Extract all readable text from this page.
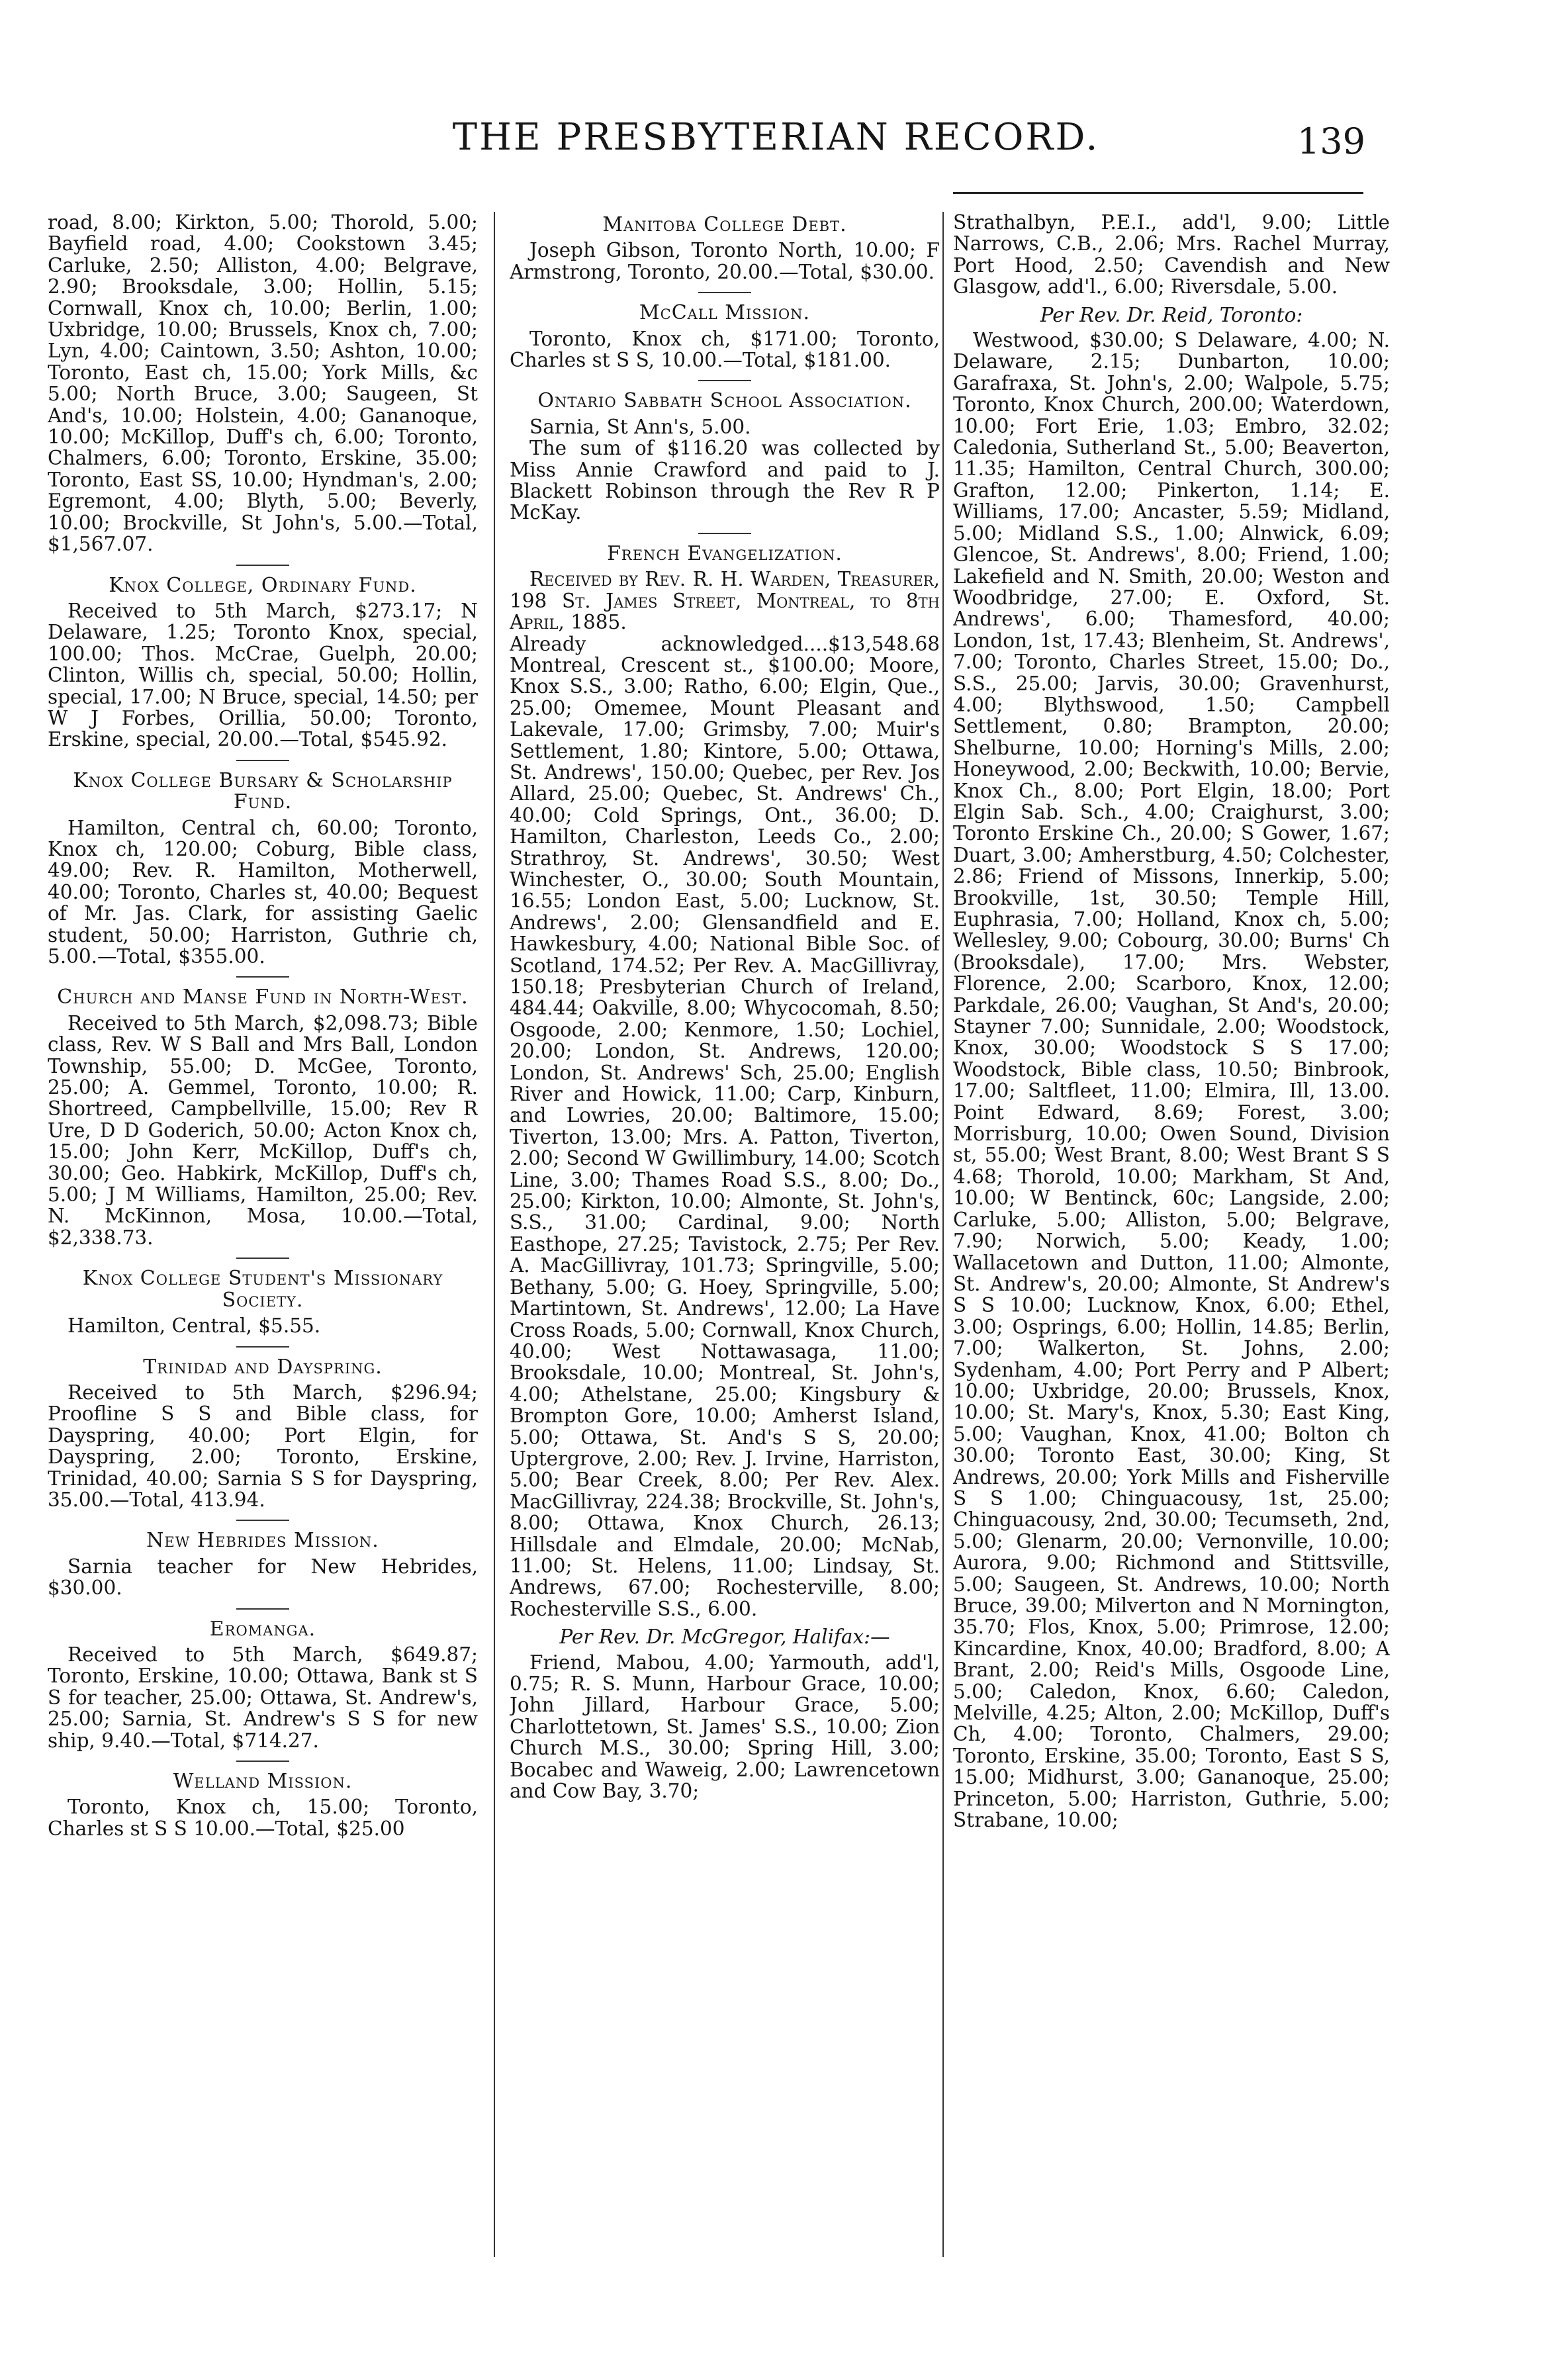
THE PRESBYTERIAN RECORD.	139

road, 8.00; Kirkton, 5.00; Thorold, 5.00; Bayfield road, 4.00; Cookstown 3.45; Carluke, 2.50; Alliston, 4.00; Belgrave, 2.90; Brooksdale, 3.00; Hollin, 5.15; Cornwall, Knox ch, 10.00; Berlin, 1.00; Uxbridge, 10.00; Brussels, Knox ch, 7.00; Lyn, 4.00; Caintown, 3.50; Ashton, 10.00; Toronto, East ch, 15.00; York Mills, &c 5.00; North Bruce, 3.00; Saugeen, St And's, 10.00; Holstein, 4.00; Gananoque, 10.00; McKillop, Duff's ch, 6.00; Toronto, Chalmers, 6.00; Toronto, Erskine, 35.00; Toronto, East SS, 10.00; Hyndman's, 2.00; Egremont, 4.00; Blyth, 5.00; Beverly, 10.00; Brockville, St John's, 5.00.—Total, $1,567.07.

Knox College, Ordinary Fund.

Received to 5th March, $273.17; N Delaware, 1.25; Toronto Knox, special, 100.00; Thos. McCrae, Guelph, 20.00; Clinton, Willis ch, special, 50.00; Hollin, special, 17.00; N Bruce, special, 14.50; per W J Forbes, Orillia, 50.00; Toronto, Erskine, special, 20.00.—Total, $545.92.

Knox College Bursary & Scholarship Fund.

Hamilton, Central ch, 60.00; Toronto, Knox ch, 120.00; Coburg, Bible class, 49.00; Rev. R. Hamilton, Motherwell, 40.00; Toronto, Charles st, 40.00; Bequest of Mr. Jas. Clark, for assisting Gaelic student, 50.00; Harriston, Guthrie ch, 5.00.—Total, $355.00.

Church and Manse Fund in North-West.

Received to 5th March, $2,098.73; Bible class, Rev. W S Ball and Mrs Ball, London Township, 55.00; D. McGee, Toronto, 25.00; A. Gemmel, Toronto, 10.00; R. Shortreed, Campbellville, 15.00; Rev R Ure, D D Goderich, 50.00; Acton Knox ch, 15.00; John Kerr, McKillop, Duff's ch, 30.00; Geo. Habkirk, McKillop, Duff's ch, 5.00; J M Williams, Hamilton, 25.00; Rev. N. McKinnon, Mosa, 10.00.—Total, $2,338.73.

Knox College Student's Missionary Society.

Hamilton, Central, $5.55.

Trinidad and Dayspring.

Received to 5th March, $296.94; Proofline S S and Bible class, for Dayspring, 40.00; Port Elgin, for Dayspring, 2.00; Toronto, Erskine, Trinidad, 40.00; Sarnia S S for Dayspring, 35.00.—Total, 413.94.

New Hebrides Mission.

Sarnia teacher for New Hebrides, $30.00.

Eromanga.

Received to 5th March, $649.87; Toronto, Erskine, 10.00; Ottawa, Bank st S S for teacher, 25.00; Ottawa, St. Andrew's, 25.00; Sarnia, St. Andrew's S S for new ship, 9.40.—Total, $714.27.

Welland Mission.

Toronto, Knox ch, 15.00; Toronto, Charles st S S 10.00.—Total, $25.00

Manitoba College Debt.

Joseph Gibson, Toronto North, 10.00; F Armstrong, Toronto, 20.00.—Total, $30.00.

McCall Mission.

Toronto, Knox ch, $171.00; Toronto, Charles st S S, 10.00.—Total, $181.00.

Ontario Sabbath School Association.

Sarnia, St Ann's, 5.00.

The sum of $116.20 was collected by Miss Annie Crawford and paid to J. Blackett Robinson through the Rev R P McKay.

French Evangelization.

Received by Rev. R. H. Warden, Treasurer, 198 St. James Street, Montreal, to 8th April, 1885.

Already acknowledged....$13,548.68 Montreal, Crescent st., $100.00; Moore, Knox S.S., 3.00; Ratho, 6.00; Elgin, Que., 25.00; Omemee, Mount Pleasant and Lakevale, 17.00; Grimsby, 7.00; Muir's Settlement, 1.80; Kintore, 5.00; Ottawa, St. Andrews', 150.00; Quebec, per Rev. Jos Allard, 25.00; Quebec, St. Andrews' Ch., 40.00; Cold Springs, Ont., 36.00; D. Hamilton, Charleston, Leeds Co., 2.00; Strathroy, St. Andrews', 30.50; West Winchester, O., 30.00; South Mountain, 16.55; London East, 5.00; Lucknow, St. Andrews', 2.00; Glensandfield and E. Hawkesbury, 4.00; National Bible Soc. of Scotland, 174.52; Per Rev. A. MacGillivray, 150.18; Presbyterian Church of Ireland, 484.44; Oakville, 8.00; Whycocomah, 8.50; Osgoode, 2.00; Kenmore, 1.50; Lochiel, 20.00; London, St. Andrews, 120.00; London, St. Andrews' Sch, 25.00; English River and Howick, 11.00; Carp, Kinburn, and Lowries, 20.00; Baltimore, 15.00; Tiverton, 13.00; Mrs. A. Patton, Tiverton, 2.00; Second W Gwillimbury, 14.00; Scotch Line, 3.00; Thames Road S.S., 8.00; Do., 25.00; Kirkton, 10.00; Almonte, St. John's, S.S., 31.00; Cardinal, 9.00; North Easthope, 27.25; Tavistock, 2.75; Per Rev. A. MacGillivray, 101.73; Springville, 5.00; Bethany, 5.00; G. Hoey, Springville, 5.00; Martintown, St. Andrews', 12.00; La Have Cross Roads, 5.00; Cornwall, Knox Church, 40.00; West Nottawasaga, 11.00; Brooksdale, 10.00; Montreal, St. John's, 4.00; Athelstane, 25.00; Kingsbury & Brompton Gore, 10.00; Amherst Island, 5.00; Ottawa, St. And's S S, 20.00; Uptergrove, 2.00; Rev. J. Irvine, Harriston, 5.00; Bear Creek, 8.00; Per Rev. Alex. MacGillivray, 224.38; Brockville, St. John's, 8.00; Ottawa, Knox Church, 26.13; Hillsdale and Elmdale, 20.00; McNab, 11.00; St. Helens, 11.00; Lindsay, St. Andrews, 67.00; Rochesterville, 8.00; Rochesterville S.S., 6.00.

Per Rev. Dr. McGregor, Halifax:—

Friend, Mabou, 4.00; Yarmouth, add'l, 0.75; R. S. Munn, Harbour Grace, 10.00; John Jillard, Harbour Grace, 5.00; Charlottetown, St. James' S.S., 10.00; Zion Church M.S., 30.00; Spring Hill, 3.00; Bocabec and Waweig, 2.00; Lawrencetown and Cow Bay, 3.70;

Strathalbyn, P.E.I., add'l, 9.00; Little Narrows, C.B., 2.06; Mrs. Rachel Murray, Port Hood, 2.50; Cavendish and New Glasgow, add'l., 6.00; Riversdale, 5.00.

Per Rev. Dr. Reid, Toronto:

Westwood, $30.00; S Delaware, 4.00; N. Delaware, 2.15; Dunbarton, 10.00; Garafraxa, St. John's, 2.00; Walpole, 5.75; Toronto, Knox Church, 200.00; Waterdown, 10.00; Fort Erie, 1.03; Embro, 32.02; Caledonia, Sutherland St., 5.00; Beaverton, 11.35; Hamilton, Central Church, 300.00; Grafton, 12.00; Pinkerton, 1.14; E. Williams, 17.00; Ancaster, 5.59; Midland, 5.00; Midland S.S., 1.00; Alnwick, 6.09; Glencoe, St. Andrews', 8.00; Friend, 1.00; Lakefield and N. Smith, 20.00; Weston and Woodbridge, 27.00; E. Oxford, St. Andrews', 6.00; Thamesford, 40.00; London, 1st, 17.43; Blenheim, St. Andrews', 7.00; Toronto, Charles Street, 15.00; Do., S.S., 25.00; Jarvis, 30.00; Gravenhurst, 4.00; Blythswood, 1.50; Campbell Settlement, 0.80; Brampton, 20.00; Shelburne, 10.00; Horning's Mills, 2.00; Honeywood, 2.00; Beckwith, 10.00; Bervie, Knox Ch., 8.00; Port Elgin, 18.00; Port Elgin Sab. Sch., 4.00; Craighurst, 3.00; Toronto Erskine Ch., 20.00; S Gower, 1.67; Duart, 3.00; Amherstburg, 4.50; Colchester, 2.86; Friend of Missons, Innerkip, 5.00; Brookville, 1st, 30.50; Temple Hill, Euphrasia, 7.00; Holland, Knox ch, 5.00; Wellesley, 9.00; Cobourg, 30.00; Burns' Ch (Brooksdale), 17.00; Mrs. Webster, Florence, 2.00; Scarboro, Knox, 12.00; Parkdale, 26.00; Vaughan, St And's, 20.00; Stayner 7.00; Sunnidale, 2.00; Woodstock, Knox, 30.00; Woodstock S S 17.00; Woodstock, Bible class, 10.50; Binbrook, 17.00; Saltfleet, 11.00; Elmira, Ill, 13.00. Point Edward, 8.69; Forest, 3.00; Morrisburg, 10.00; Owen Sound, Division st, 55.00; West Brant, 8.00; West Brant S S 4.68; Thorold, 10.00; Markham, St And, 10.00; W Bentinck, 60c; Langside, 2.00; Carluke, 5.00; Alliston, 5.00; Belgrave, 7.90; Norwich, 5.00; Keady, 1.00; Wallacetown and Dutton, 11.00; Almonte, St. Andrew's, 20.00; Almonte, St Andrew's S S 10.00; Lucknow, Knox, 6.00; Ethel, 3.00; Osprings, 6.00; Hollin, 14.85; Berlin, 7.00; Walkerton, St. Johns, 2.00; Sydenham, 4.00; Port Perry and P Albert; 10.00; Uxbridge, 20.00; Brussels, Knox, 10.00; St. Mary's, Knox, 5.30; East King, 5.00; Vaughan, Knox, 41.00; Bolton ch 30.00; Toronto East, 30.00; King, St Andrews, 20.00; York Mills and Fisherville S S 1.00; Chinguacousy, 1st, 25.00; Chinguacousy, 2nd, 30.00; Tecumseth, 2nd, 5.00; Glenarm, 20.00; Vernonville, 10.00; Aurora, 9.00; Richmond and Stittsville, 5.00; Saugeen, St. Andrews, 10.00; North Bruce, 39.00; Milverton and N Mornington, 35.70; Flos, Knox, 5.00; Primrose, 12.00; Kincardine, Knox, 40.00; Bradford, 8.00; A Brant, 2.00; Reid's Mills, Osgoode Line, 5.00; Caledon, Knox, 6.60; Caledon, Melville, 4.25; Alton, 2.00; McKillop, Duff's Ch, 4.00; Toronto, Chalmers, 29.00; Toronto, Erskine, 35.00; Toronto, East S S, 15.00; Midhurst, 3.00; Gananoque, 25.00; Princeton, 5.00; Harriston, Guthrie, 5.00; Strabane, 10.00;
